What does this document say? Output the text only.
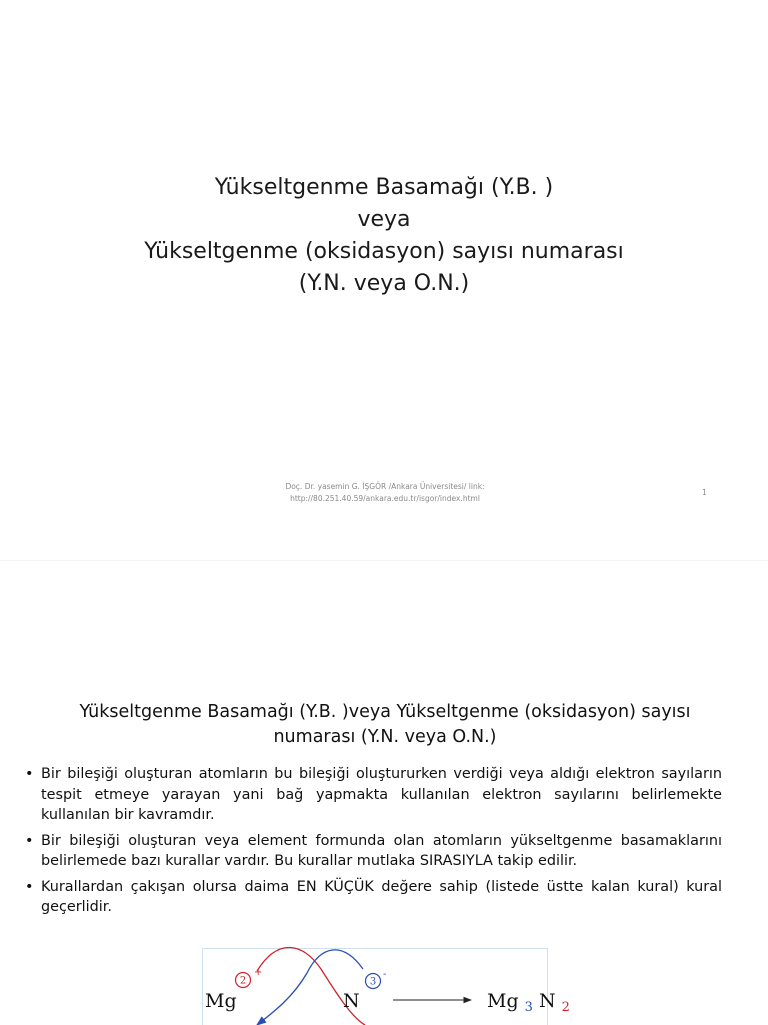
Yükseltgenme Basamağı (Y.B. )
veya
Yükseltgenme (oksidasyon) sayısı numarası
(Y.N. veya O.N.)
Doç. Dr. yasemin G. İŞGÖR /Ankara Üniversitesi/ link:
http://80.251.40.59/ankara.edu.tr/isgor/index.html
1
Yükseltgenme Basamağı (Y.B. )veya Yükseltgenme (oksidasyon) sayısı
numarası (Y.N. veya O.N.)
• Bir bileşiği oluşturan atomların bu bileşiği oluştururken verdiği veya aldığı elektron sayıların tespit etmeye yarayan yani bağ yapmakta kullanılan elektron sayılarını belirlemekte kullanılan bir kavramdır.
• Bir bileşiği oluşturan veya element formunda olan atomların yükseltgenme basamaklarını belirlemede bazı kurallar vardır. Bu kurallar mutlaka SIRASIYLA takip edilir.
• Kurallardan çakışan olursa daima EN KÜÇÜK değere sahip (listede üstte kalan kural) kural geçerlidir.
2
+
3
-
Mg	N	Mg $_3$ N $_2$
